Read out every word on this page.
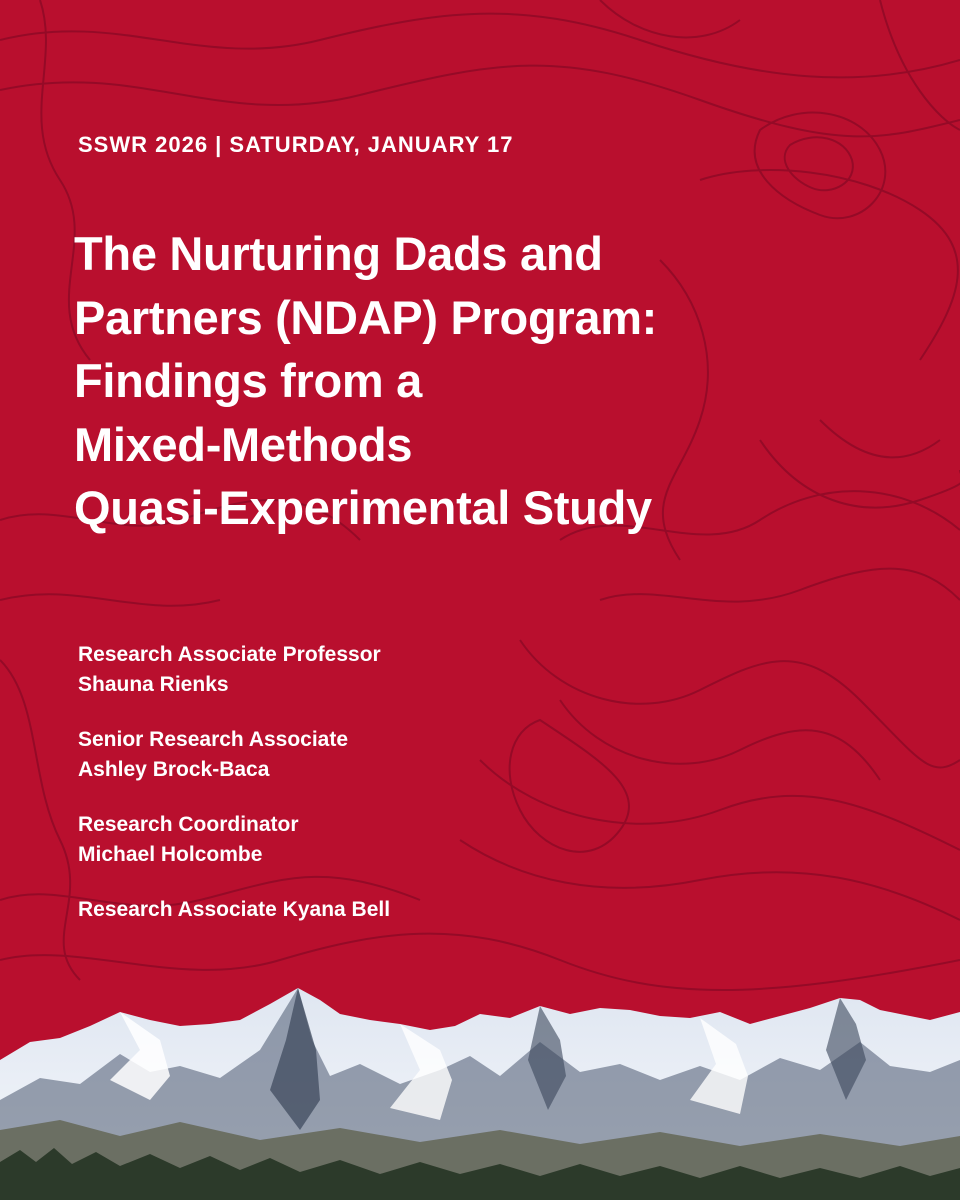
SSWR 2026 | SATURDAY, JANUARY 17
The Nurturing Dads and
Partners (NDAP) Program:
Findings from a
Mixed-Methods
Quasi-Experimental Study
Research Associate Professor
Shauna Rienks
Senior Research Associate
Ashley Brock-Baca
Research Coordinator
Michael Holcombe
Research Associate Kyana Bell
